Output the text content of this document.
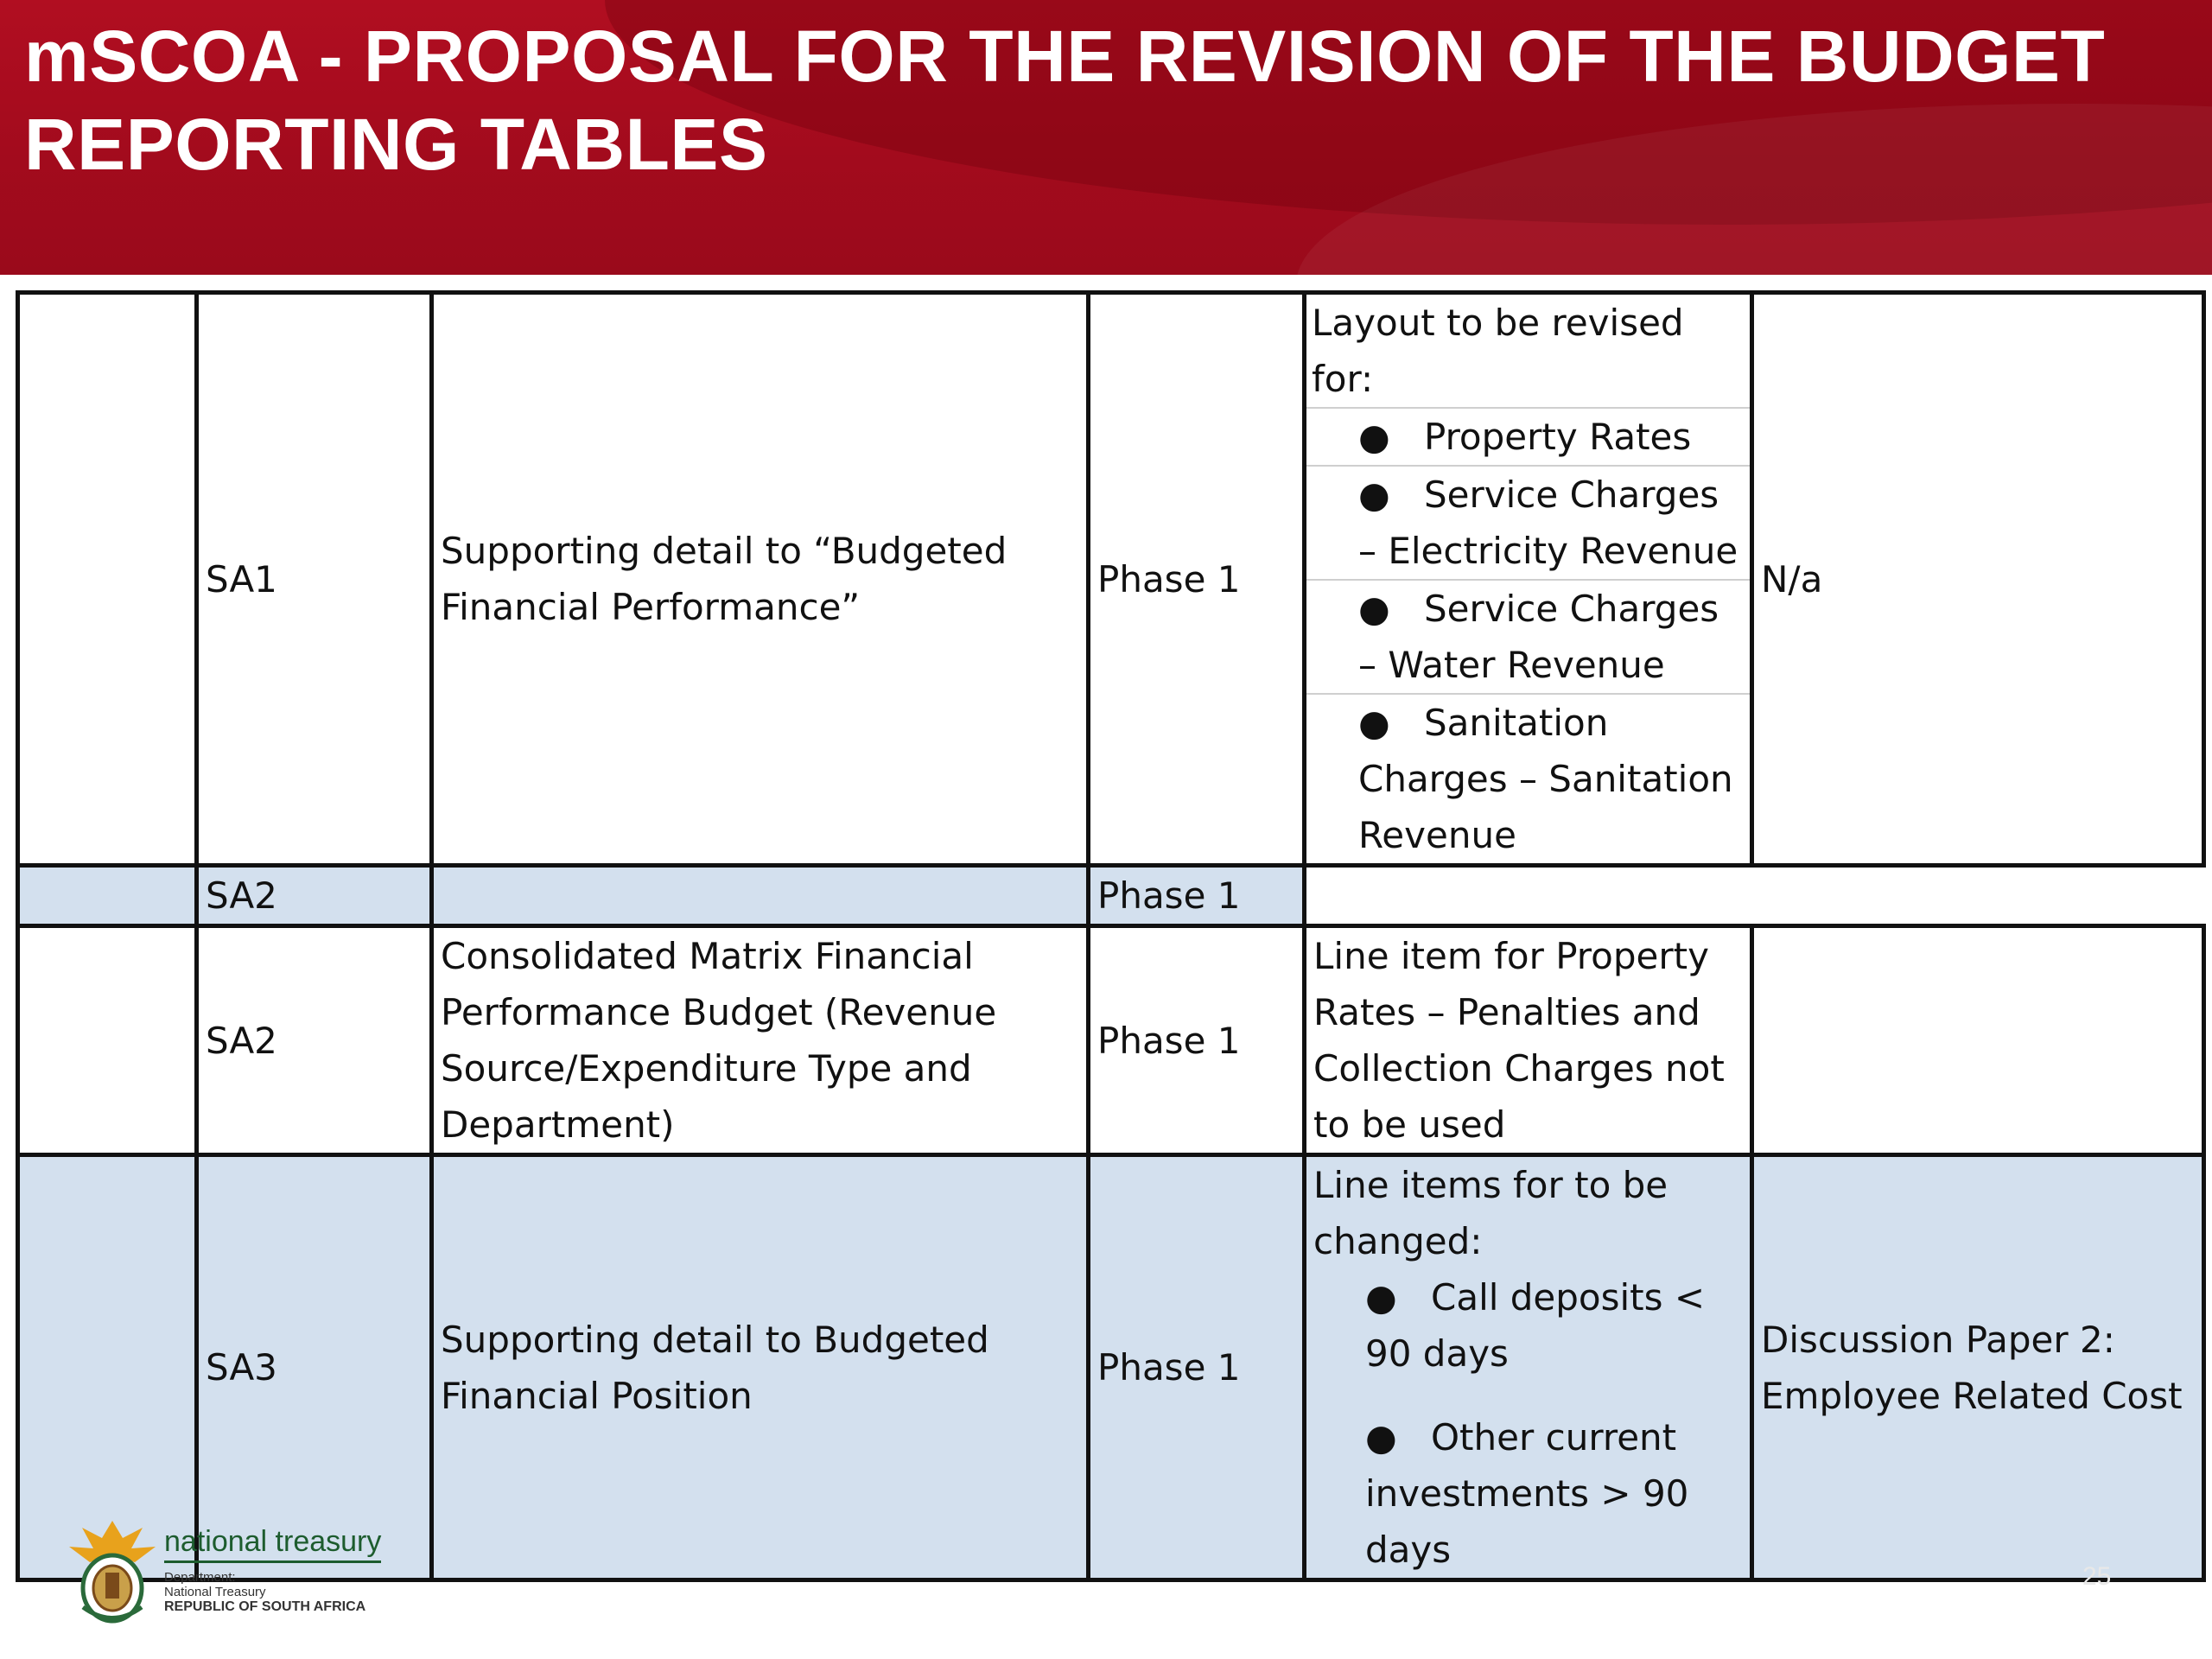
mSCOA - PROPOSAL FOR THE REVISION OF THE BUDGET REPORTING TABLES
	SA1	Supporting detail to “Budgeted Financial Performance”	Phase 1	Layout to be revised for:
● Property Rates
● Service Charges – Electricity Revenue
● Service Charges – Water Revenue
● Sanitation Charges – Sanitation Revenue	N/a
	SA2		Phase 1		
	SA2	Consolidated Matrix Financial Performance Budget (Revenue Source/Expenditure Type and Department)	Phase 1	Line item for Property Rates – Penalties and Collection Charges not to be used	
	SA3	Supporting detail to Budgeted Financial Position	Phase 1	Line items for to be changed:
● Call deposits < 90 days
● Other current investments > 90 days	Discussion Paper 2: Employee Related Cost
national treasury
Department:
National Treasury
REPUBLIC OF SOUTH AFRICA
25
